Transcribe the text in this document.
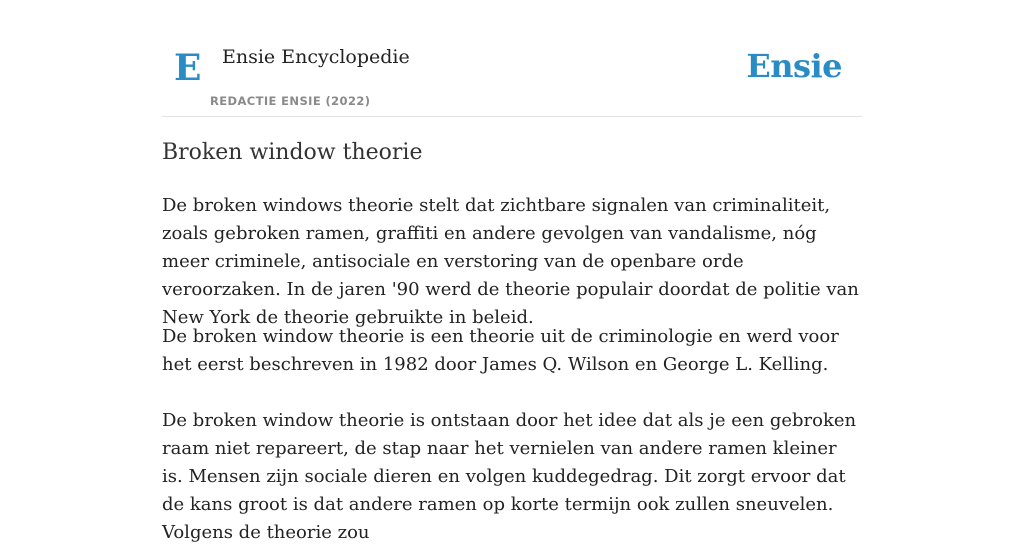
E Ensie Encyclopedie
REDACTIE ENSIE (2022)
Ensie
Broken window theorie

De broken windows theorie stelt dat zichtbare signalen van criminaliteit, zoals gebroken ramen, graffiti en andere gevolgen van vandalisme, nóg meer criminele, antisociale en verstoring van de openbare orde veroorzaken. In de jaren '90 werd de theorie populair doordat de politie van New York de theorie gebruikte in beleid.

De broken window theorie is een theorie uit de criminologie en werd voor het eerst beschreven in 1982 door James Q. Wilson en George L. Kelling.

De broken window theorie is ontstaan door het idee dat als je een gebroken raam niet repareert, de stap naar het vernielen van andere ramen kleiner is. Mensen zijn sociale dieren en volgen kuddegedrag. Dit zorgt ervoor dat de kans groot is dat andere ramen op korte termijn ook zullen sneuvelen. Volgens de theorie zou
